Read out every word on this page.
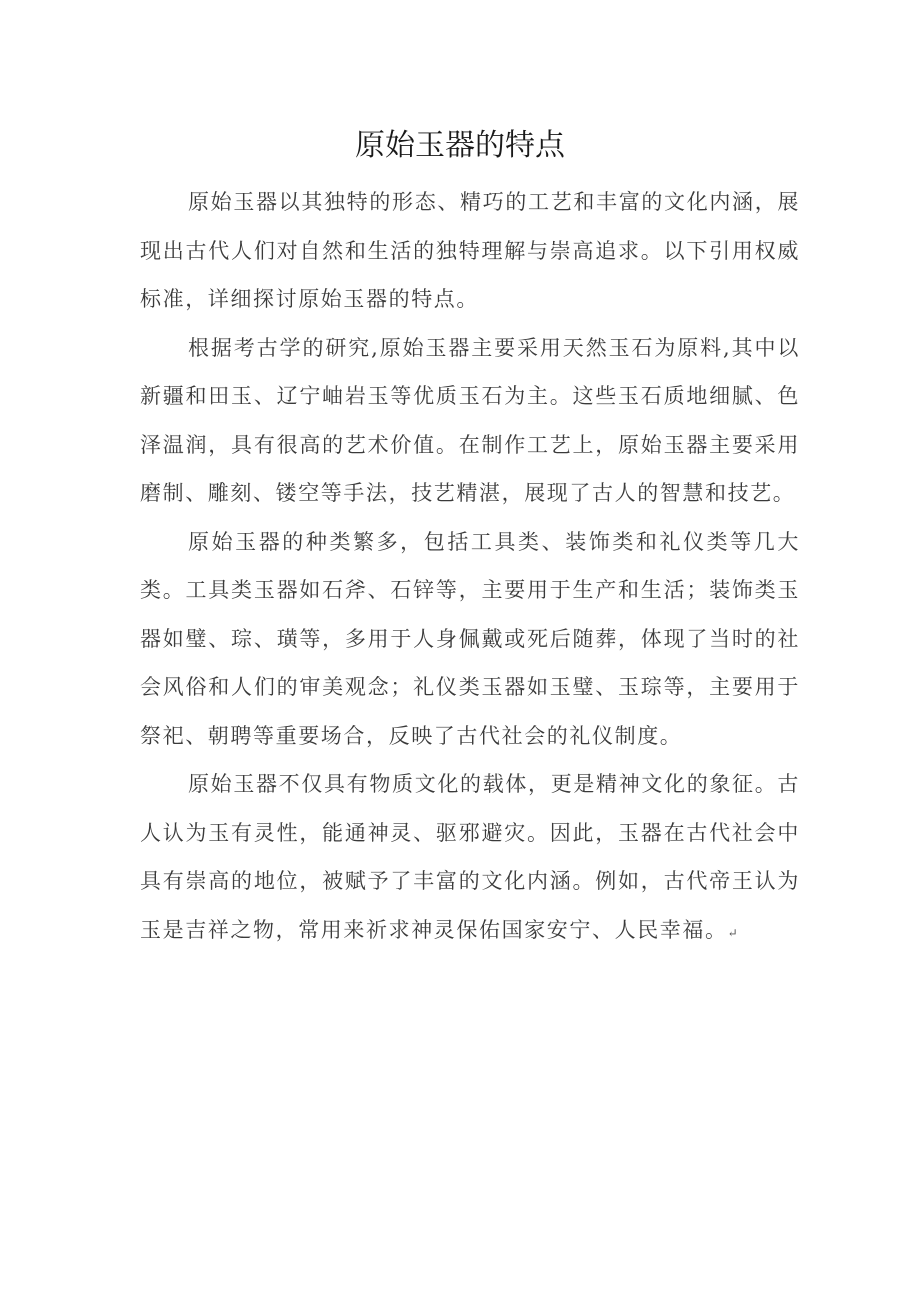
原始玉器的特点

原始玉器以其独特的形态、精巧的工艺和丰富的文化内涵，展现出古代人们对自然和生活的独特理解与崇高追求。以下引用权威标准，详细探讨原始玉器的特点。

根据考古学的研究,原始玉器主要采用天然玉石为原料,其中以新疆和田玉、辽宁岫岩玉等优质玉石为主。这些玉石质地细腻、色泽温润，具有很高的艺术价值。在制作工艺上，原始玉器主要采用磨制、雕刻、镂空等手法，技艺精湛，展现了古人的智慧和技艺。

原始玉器的种类繁多，包括工具类、装饰类和礼仪类等几大类。工具类玉器如石斧、石锌等，主要用于生产和生活；装饰类玉器如璧、琮、璜等，多用于人身佩戴或死后随葬，体现了当时的社会风俗和人们的审美观念；礼仪类玉器如玉璧、玉琮等，主要用于祭祀、朝聘等重要场合，反映了古代社会的礼仪制度。

原始玉器不仅具有物质文化的载体，更是精神文化的象征。古人认为玉有灵性，能通神灵、驱邪避灾。因此，玉器在古代社会中具有崇高的地位，被赋予了丰富的文化内涵。例如，古代帝王认为玉是吉祥之物，常用来祈求神灵保佑国家安宁、人民幸福。↵
